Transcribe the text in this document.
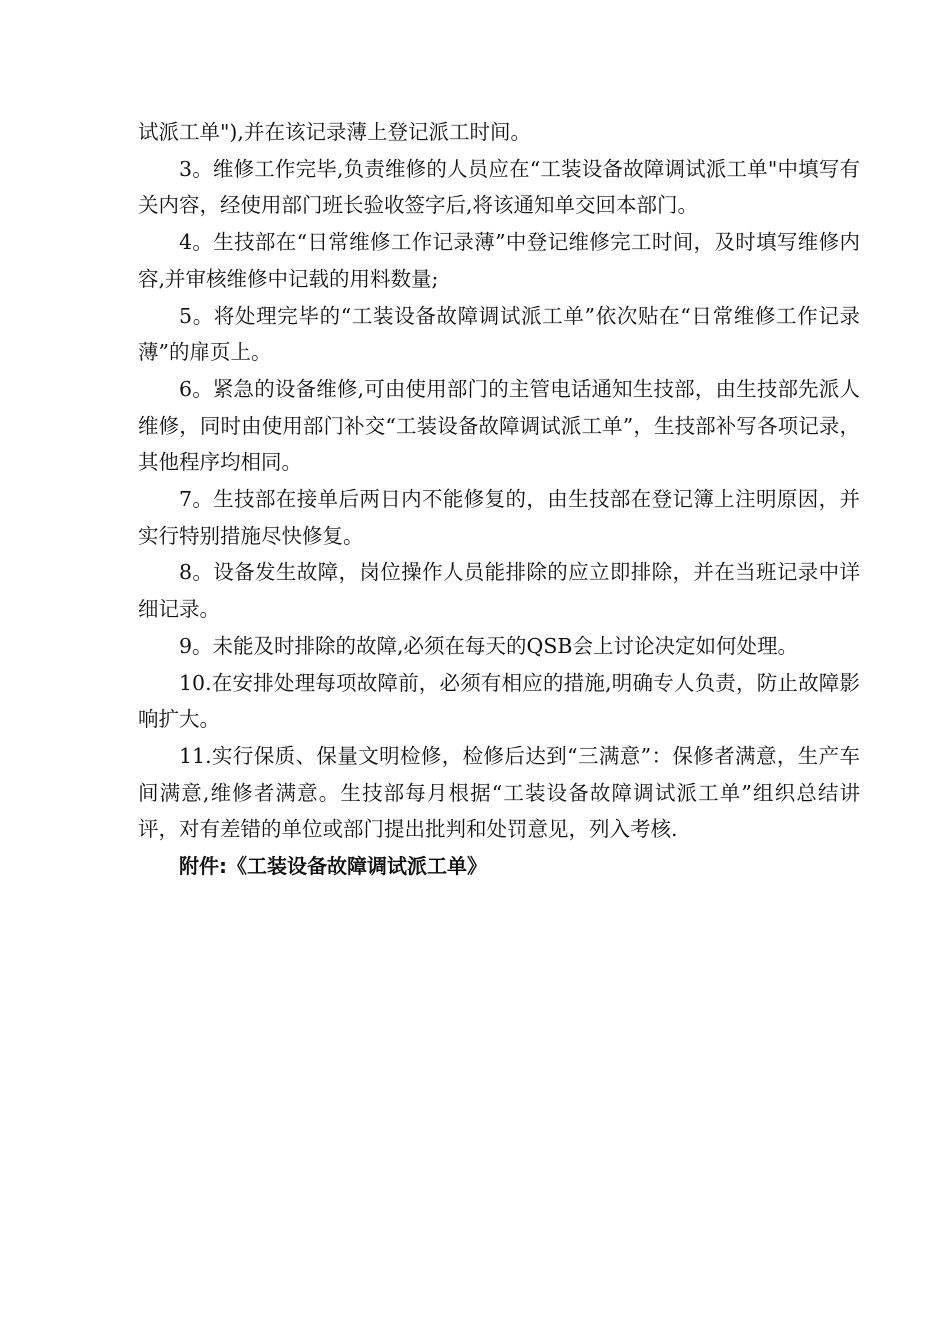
试派工单"),并在该记录薄上登记派工时间。

3。维修工作完毕,负责维修的人员应在“工装设备故障调试派工单"中填写有关内容，经使用部门班长验收签字后,将该通知单交回本部门。

4。生技部在“日常维修工作记录薄”中登记维修完工时间，及时填写维修内容,并审核维修中记载的用料数量;

5。将处理完毕的“工装设备故障调试派工单”依次贴在“日常维修工作记录薄”的扉页上。

6。紧急的设备维修,可由使用部门的主管电话通知生技部，由生技部先派人维修，同时由使用部门补交“工装设备故障调试派工单”，生技部补写各项记录，其他程序均相同。

7。生技部在接单后两日内不能修复的，由生技部在登记簿上注明原因，并实行特别措施尽快修复。

8。设备发生故障，岗位操作人员能排除的应立即排除，并在当班记录中详细记录。

9。未能及时排除的故障,必须在每天的QSB会上讨论决定如何处理。

10.在安排处理每项故障前，必须有相应的措施,明确专人负责，防止故障影响扩大。

11.实行保质、保量文明检修，检修后达到“三满意”：保修者满意，生产车间满意,维修者满意。生技部每月根据“工装设备故障调试派工单”组织总结讲评，对有差错的单位或部门提出批判和处罚意见，列入考核.

附件:《工装设备故障调试派工单》
